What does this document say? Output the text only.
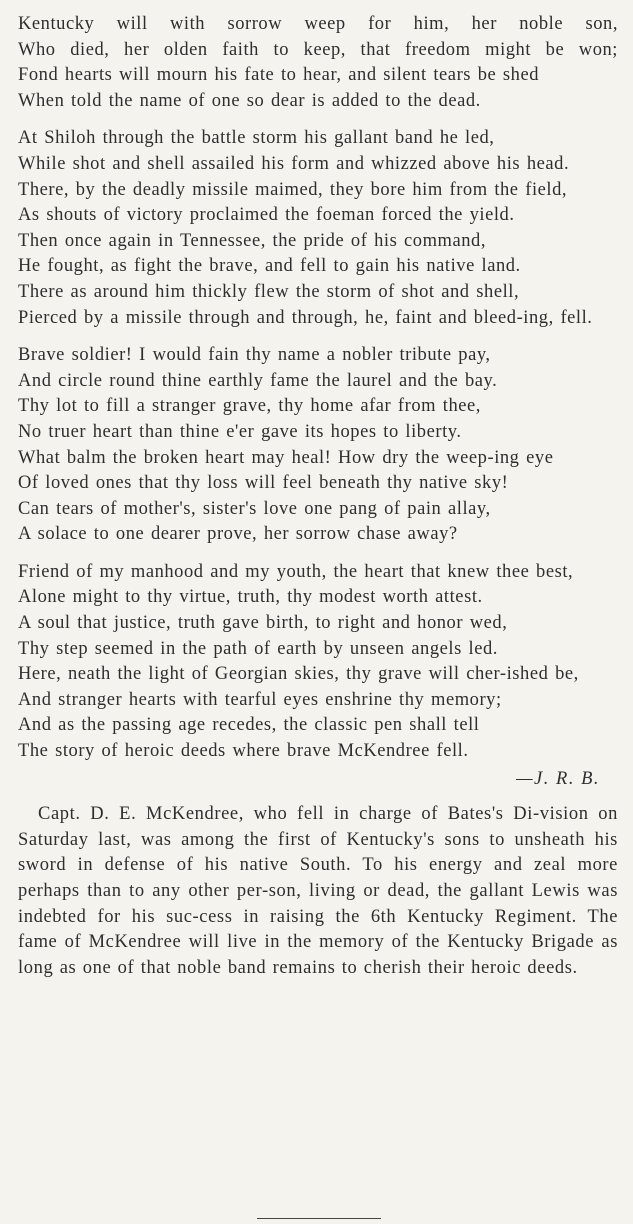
Kentucky will with sorrow weep for him, her noble son,
Who died, her olden faith to keep, that freedom might be won;
Fond hearts will mourn his fate to hear, and silent tears be shed
When told the name of one so dear is added to the dead.
At Shiloh through the battle storm his gallant band he led,
While shot and shell assailed his form and whizzed above his head.
There, by the deadly missile maimed, they bore him from the field,
As shouts of victory proclaimed the foeman forced the yield.
Then once again in Tennessee, the pride of his command,
He fought, as fight the brave, and fell to gain his native land.
There as around him thickly flew the storm of shot and shell,
Pierced by a missile through and through, he, faint and bleed-ing, fell.
Brave soldier! I would fain thy name a nobler tribute pay,
And circle round thine earthly fame the laurel and the bay.
Thy lot to fill a stranger grave, thy home afar from thee,
No truer heart than thine e'er gave its hopes to liberty.
What balm the broken heart may heal! How dry the weep-ing eye
Of loved ones that thy loss will feel beneath thy native sky!
Can tears of mother's, sister's love one pang of pain allay,
A solace to one dearer prove, her sorrow chase away?
Friend of my manhood and my youth, the heart that knew thee best,
Alone might to thy virtue, truth, thy modest worth attest.
A soul that justice, truth gave birth, to right and honor wed,
Thy step seemed in the path of earth by unseen angels led.
Here, neath the light of Georgian skies, thy grave will cher-ished be,
And stranger hearts with tearful eyes enshrine thy memory;
And as the passing age recedes, the classic pen shall tell
The story of heroic deeds where brave McKendree fell.
—J. R. B.
Capt. D. E. McKendree, who fell in charge of Bates's Di-vision on Saturday last, was among the first of Kentucky's sons to unsheath his sword in defense of his native South. To his energy and zeal more perhaps than to any other per-son, living or dead, the gallant Lewis was indebted for his suc-cess in raising the 6th Kentucky Regiment. The fame of McKendree will live in the memory of the Kentucky Brigade as long as one of that noble band remains to cherish their heroic deeds.
